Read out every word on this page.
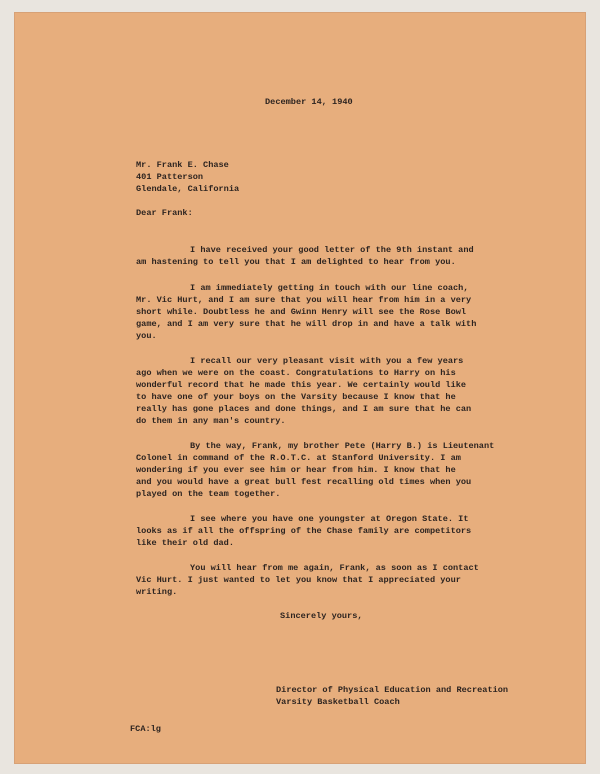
December 14, 1940
Mr. Frank E. Chase
401 Patterson
Glendale, California
Dear Frank:
I have received your good letter of the 9th instant and
am hastening to tell you that I am delighted to hear from you.
I am immediately getting in touch with our line coach,
Mr. Vic Hurt, and I am sure that you will hear from him in a very
short while. Doubtless he and Gwinn Henry will see the Rose Bowl
game, and I am very sure that he will drop in and have a talk with
you.
I recall our very pleasant visit with you a few years
ago when we were on the coast. Congratulations to Harry on his
wonderful record that he made this year. We certainly would like
to have one of your boys on the Varsity because I know that he
really has gone places and done things, and I am sure that he can
do them in any man's country.
By the way, Frank, my brother Pete (Harry B.) is Lieutenant
Colonel in command of the R.O.T.C. at Stanford University. I am
wondering if you ever see him or hear from him. I know that he
and you would have a great bull fest recalling old times when you
played on the team together.
I see where you have one youngster at Oregon State. It
looks as if all the offspring of the Chase family are competitors
like their old dad.
You will hear from me again, Frank, as soon as I contact
Vic Hurt. I just wanted to let you know that I appreciated your
writing.
Sincerely yours,
Director of Physical Education and Recreation
Varsity Basketball Coach
FCA:lg
